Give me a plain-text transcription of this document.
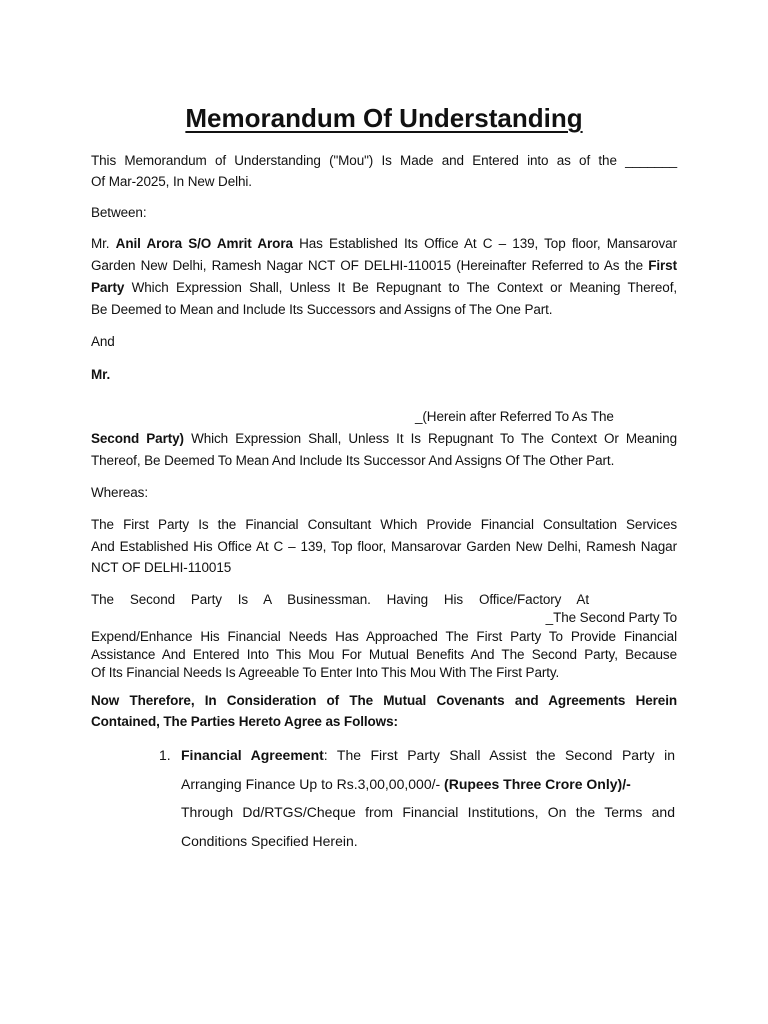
Memorandum Of Understanding
This Memorandum of Understanding ("Mou") Is Made and Entered into as of the _______
Of Mar-2025, In New Delhi.
Between:
Mr. Anil Arora S/O Amrit Arora Has Established Its Office At C – 139, Top floor, Mansarovar
Garden New Delhi, Ramesh Nagar NCT OF DELHI-110015 (Hereinafter Referred to As the First
Party Which Expression Shall, Unless It Be Repugnant to The Context or Meaning Thereof,
Be Deemed to Mean and Include Its Successors and Assigns of The One Part.
And
Mr.
_(Herein after Referred To As The
Second Party) Which Expression Shall, Unless It Is Repugnant To The Context Or Meaning
Thereof, Be Deemed To Mean And Include Its Successor And Assigns Of The Other Part.
Whereas:
The First Party Is the Financial Consultant Which Provide Financial Consultation Services
And Established His Office At C – 139, Top floor, Mansarovar Garden New Delhi, Ramesh Nagar
NCT OF DELHI-110015
The Second Party Is A Businessman. Having His Office/Factory At
_The Second Party To
Expend/Enhance His Financial Needs Has Approached The First Party To Provide Financial
Assistance And Entered Into This Mou For Mutual Benefits And The Second Party, Because
Of Its Financial Needs Is Agreeable To Enter Into This Mou With The First Party.
Now Therefore, In Consideration of The Mutual Covenants and Agreements Herein
Contained, The Parties Hereto Agree as Follows:
1. Financial Agreement: The First Party Shall Assist the Second Party in
Arranging Finance Up to Rs.3,00,00,000/- (Rupees Three Crore Only)/-
Through Dd/RTGS/Cheque from Financial Institutions, On the Terms and
Conditions Specified Herein.
